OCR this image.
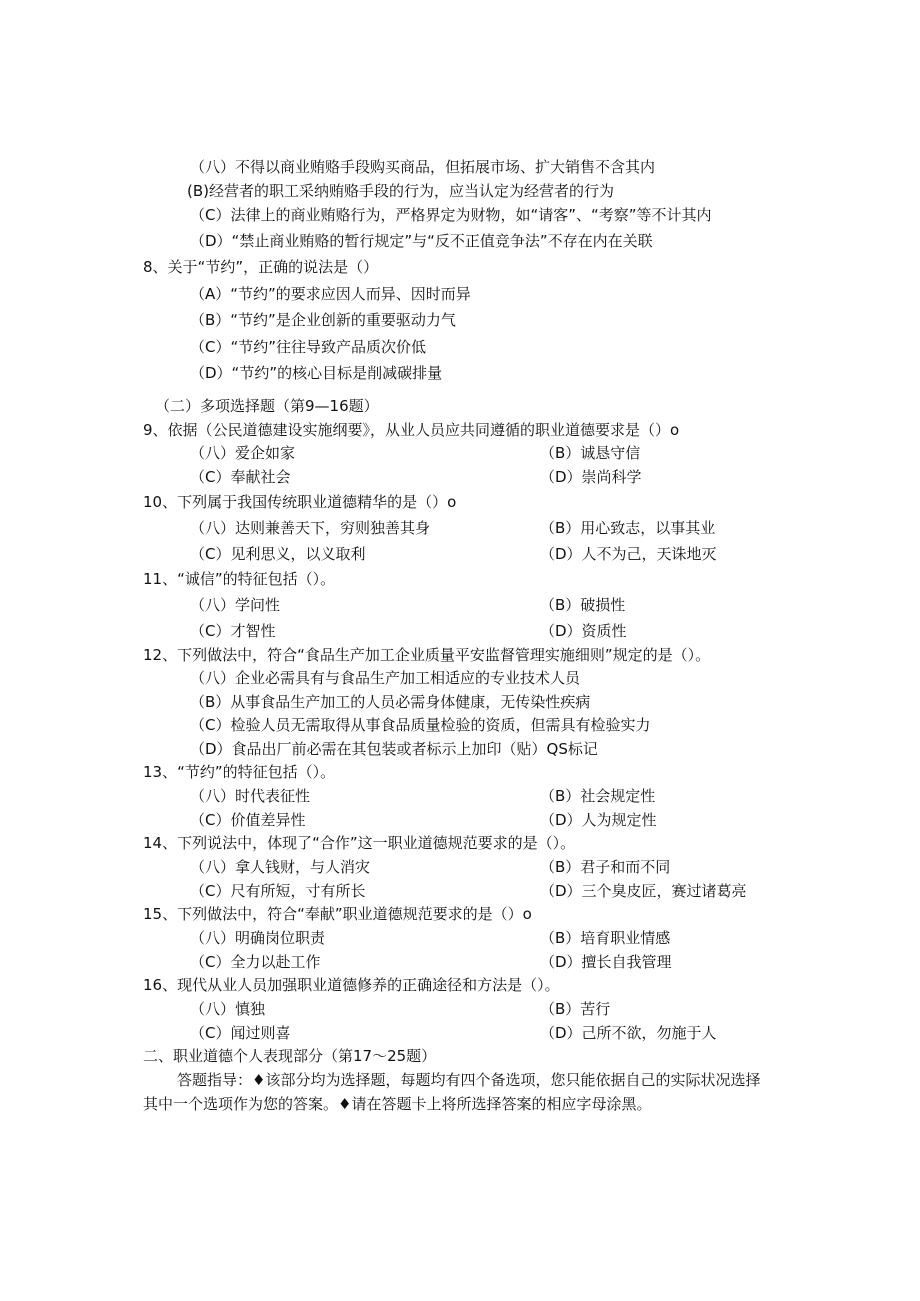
（八）不得以商业贿赂手段购买商品，但拓展市场、扩大销售不含其内
(B)经营者的职工采纳贿赂手段的行为，应当认定为经营者的行为
（C）法律上的商业贿赂行为，严格界定为财物，如“请客”、“考察”等不计其内
（D）“禁止商业贿赂的暂行规定”与“反不正值竞争法”不存在内在关联
8、关于“节约”，正确的说法是（）
（A）“节约”的要求应因人而异、因时而异
（B）“节约”是企业创新的重要驱动力气
（C）“节约”往往导致产品质次价低
（D）“节约”的核心目标是削减碳排量
（二）多项选择题（第9—16题）
9、依据（公民道德建设实施纲要》，从业人员应共同遵循的职业道德要求是（）o
（八）爱企如家	（B）诚恳守信
（C）奉献社会	（D）崇尚科学
10、下列属于我国传统职业道德精华的是（）o
（八）达则兼善天下，穷则独善其身	（B）用心致志，以事其业
（C）见利思义，以义取利	（D）人不为己，天诛地灭
11、“诚信”的特征包括（）。
（八）学问性	（B）破损性
（C）才智性	（D）资质性
12、下列做法中，符合“食品生产加工企业质量平安监督管理实施细则”规定的是（）。
（八）企业必需具有与食品生产加工相适应的专业技术人员
（B）从事食品生产加工的人员必需身体健康，无传染性疾病
（C）检验人员无需取得从事食品质量检验的资质，但需具有检验实力
（D）食品出厂前必需在其包装或者标示上加印（贴）QS标记
13、“节约”的特征包括（）。
（八）时代表征性	（B）社会规定性
（C）价值差异性	（D）人为规定性
14、下列说法中，体现了“合作”这一职业道德规范要求的是（）。
（八）拿人钱财，与人消灾	（B）君子和而不同
（C）尺有所短，寸有所长	（D）三个臭皮匠，赛过诸葛亮
15、下列做法中，符合“奉献”职业道德规范要求的是（）o
（八）明确岗位职责	（B）培育职业情感
（C）全力以赴工作	（D）擅长自我管理
16、现代从业人员加强职业道德修养的正确途径和方法是（）。
（八）慎独	（B）苦行
（C）闻过则喜	（D）己所不欲，勿施于人
二、职业道德个人表现部分（第17〜25题）
答题指导：♦该部分均为选择题，每题均有四个备选项，您只能依据自己的实际状况选择
其中一个选项作为您的答案。♦请在答题卡上将所选择答案的相应字母涂黑。
